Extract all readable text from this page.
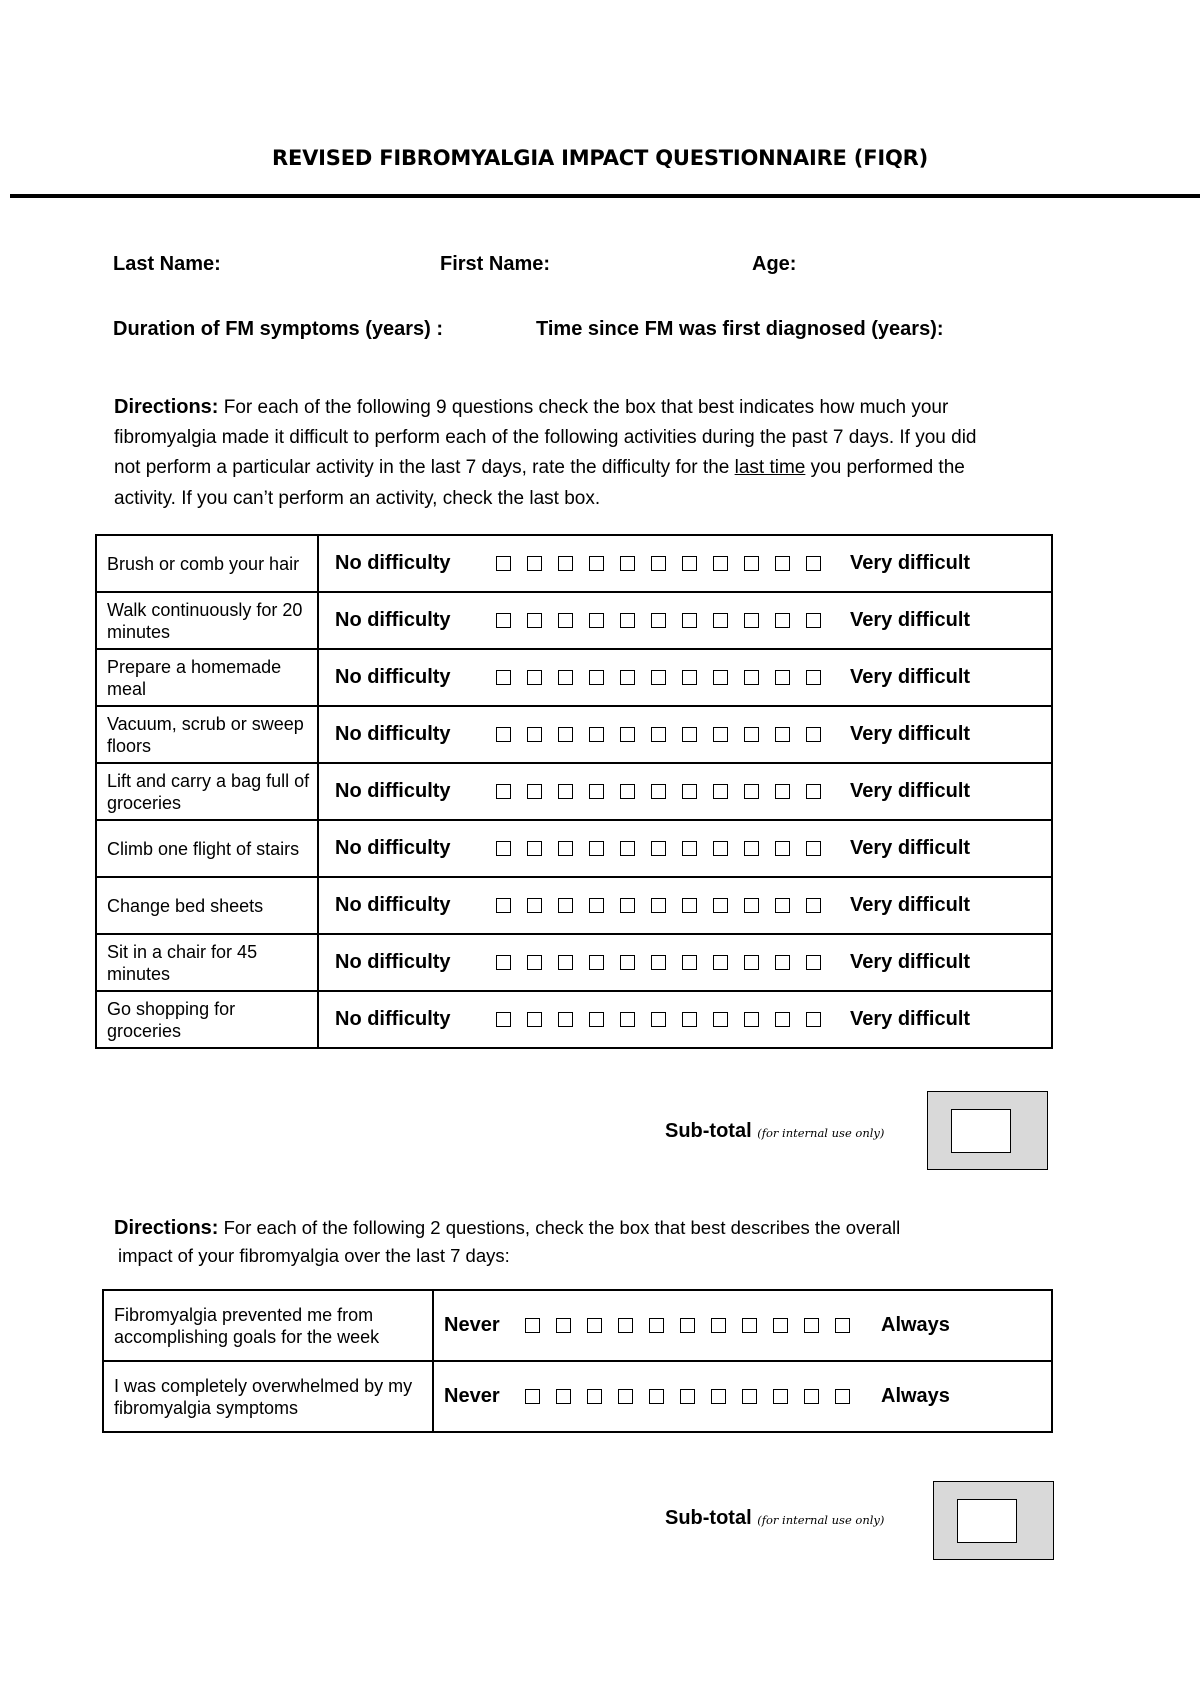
REVISED FIBROMYALGIA IMPACT QUESTIONNAIRE (FIQR)
Last Name:	First Name:	Age:
Duration of FM symptoms (years) :	Time since FM was first diagnosed (years):
Directions: For each of the following 9 questions check the box that best indicates how much your
fibromyalgia made it difficult to perform each of the following activities during the past 7 days. If you did
not perform a particular activity in the last 7 days, rate the difficulty for the last time you performed the
activity. If you can’t perform an activity, check the last box.
Brush or comb your hair	No difficulty Very difficult

Walk continuously for 20 minutes	No difficulty Very difficult

Prepare a homemade meal	No difficulty Very difficult

Vacuum, scrub or sweep floors	No difficulty Very difficult

Lift and carry a bag full of groceries	No difficulty Very difficult

Climb one flight of stairs	No difficulty Very difficult

Change bed sheets	No difficulty Very difficult

Sit in a chair for 45 minutes	No difficulty Very difficult

Go shopping for groceries	No difficulty Very difficult
Sub-total (for internal use only)
Directions: For each of the following 2 questions, check the box that best describes the overall
impact of your fibromyalgia over the last 7 days:
Fibromyalgia prevented me from accomplishing goals for the week	Never Always

I was completely overwhelmed by my fibromyalgia symptoms	Never Always
Sub-total (for internal use only)
